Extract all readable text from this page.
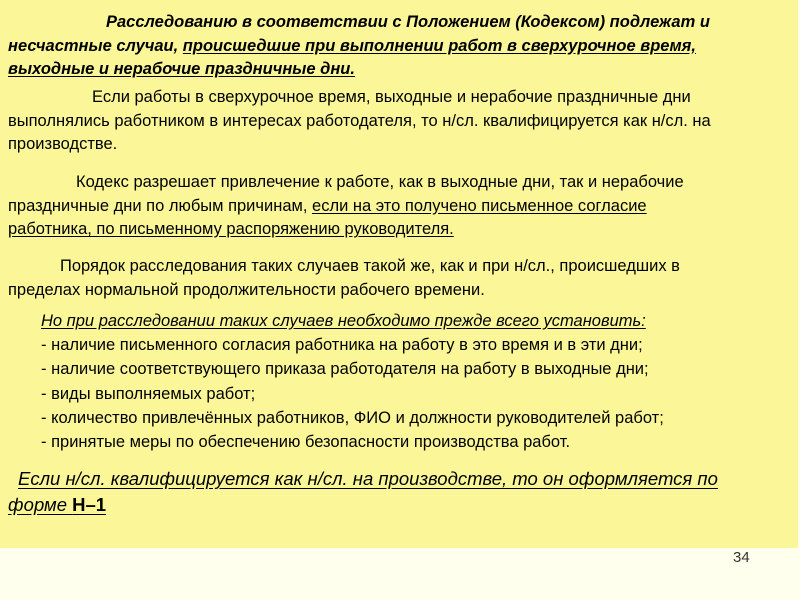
Расследованию в соответствии с Положением (Кодексом) подлежат и
несчастные случаи, происшедшие при выполнении работ в сверхурочное время,
выходные и нерабочие праздничные дни.
Если работы в сверхурочное время, выходные и нерабочие праздничные дни
выполнялись работником в интересах работодателя, то н/сл. квалифицируется как н/сл. на
производстве.
Кодекс разрешает привлечение к работе, как в выходные дни, так и нерабочие
праздничные дни по любым причинам, если на это получено письменное согласие
работника, по письменному распоряжению руководителя.
Порядок расследования таких случаев такой же, как и при н/сл., происшедших в
пределах нормальной продолжительности рабочего времени.
Но при расследовании таких случаев необходимо прежде всего установить:
- наличие письменного согласия работника на работу в это время и в эти дни;
- наличие соответствующего приказа работодателя на работу в выходные дни;
- виды выполняемых работ;
- количество привлечённых работников, ФИО и должности руководителей работ;
- принятые меры по обеспечению безопасности производства работ.
Если н/сл. квалифицируется как н/сл. на производстве, то он оформляется по
форме Н–1
34
